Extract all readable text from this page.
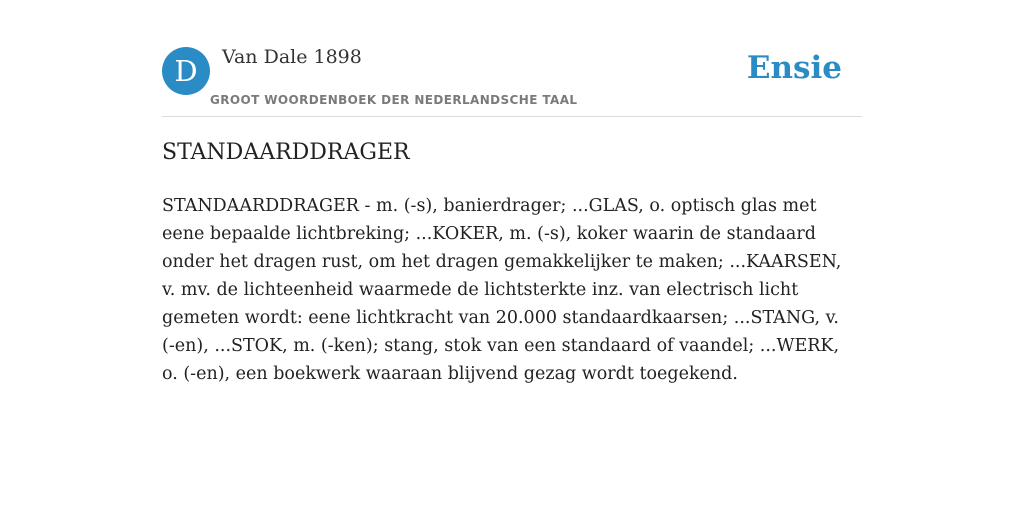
D	Van Dale 1898
GROOT WOORDENBOEK DER NEDERLANDSCHE TAAL
Ensie
STANDAARDDRAGER

STANDAARDDRAGER - m. (-s), banierdrager; ...GLAS, o. optisch glas met eene bepaalde lichtbreking; ...KOKER, m. (-s), koker waarin de standaard onder het dragen rust, om het dragen gemakkelijker te maken; ...KAARSEN, v. mv. de lichteenheid waarmede de lichtsterkte inz. van electrisch licht gemeten wordt: eene lichtkracht van 20.000 standaardkaarsen; ...STANG, v. (-en), ...STOK, m. (-ken); stang, stok van een standaard of vaandel; ...WERK, o. (-en), een boekwerk waaraan blijvend gezag wordt toegekend.
